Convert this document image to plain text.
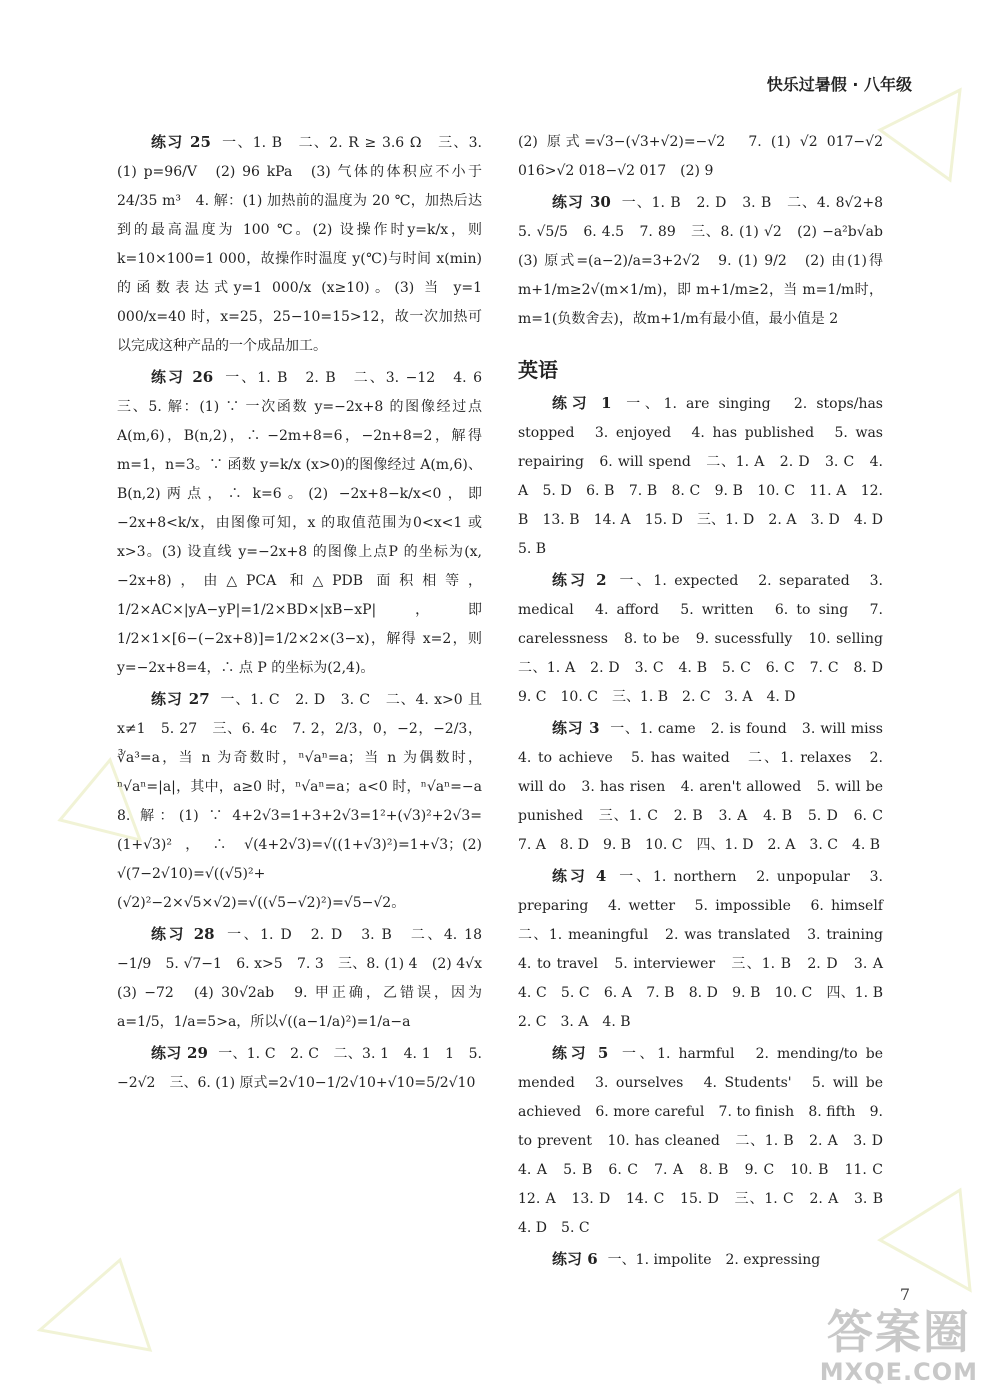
快乐过暑假 · 八年级

练习 25 一、1. B　二、2. R ≥ 3.6 Ω　三、3. (1) p=96/V　(2) 96 kPa　(3) 气体的体积应不小于24/35 m³　4. 解：(1) 加热前的温度为 20 ℃，加热后达到的最高温度为 100 ℃。(2) 设操作时y=k/x，则 k=10×100=1 000，故操作时温度 y(℃)与时间 x(min)的函数表达式y=1 000/x (x≥10)。(3) 当 y=1 000/x=40 时，x=25，25−10=15>12，故一次加热可以完成这种产品的一个成品加工。

练习 26 一、1. B　2. B　二、3. −12　4. 6　三、5. 解：(1) ∵ 一次函数 y=−2x+8 的图像经过点 A(m,6)，B(n,2)，∴ −2m+8=6，−2n+8=2，解得 m=1，n=3。∵ 函数 y=k/x (x>0)的图像经过 A(m,6)、B(n,2)两点，∴ k=6。(2) −2x+8−k/x<0，即−2x+8<k/x，由图像可知，x 的取值范围为0<x<1 或 x>3。(3) 设直线 y=−2x+8 的图像上点P 的坐标为(x,−2x+8)，由△PCA 和△PDB 面积相等，1/2×AC×|yA−yP|=1/2×BD×|xB−xP|，即1/2×1×[6−(−2x+8)]=1/2×2×(3−x)，解得 x=2，则 y=−2x+8=4，∴ 点 P 的坐标为(2,4)。

练习 27 一、1. C　2. D　3. C　二、4. x>0 且x≠1　5. 27　三、6. 4c　7. 2，2/3，0，−2，−2/3，∛a³=a，当 n 为奇数时，ⁿ√aⁿ=a；当 n 为偶数时，ⁿ√aⁿ=|a|，其中，a≥0 时，ⁿ√aⁿ=a；a<0 时，ⁿ√aⁿ=−a　8. 解：(1) ∵ 4+2√3=1+3+2√3=1²+(√3)²+2√3=(1+√3)²，∴ √(4+2√3)=√((1+√3)²)=1+√3；(2) √(7−2√10)=√((√5)²+(√2)²−2×√5×√2)=√((√5−√2)²)=√5−√2。

练习 28 一、1. D　2. D　3. B　二、4. 18　−1/9　5. √7−1　6. x>5　7. 3　三、8. (1) 4　(2) 4√x　(3) −72　(4) 30√2ab　9. 甲正确，乙错误，因为a=1/5，1/a=5>a，所以√((a−1/a)²)=1/a−a

练习 29 一、1. C　2. C　二、3. 1　4. 1　1　5. −2√2　三、6. (1) 原式=2√10−1/2√10+√10=5/2√10

(2) 原式=√3−(√3+√2)=−√2　7. (1) √2 017−√2 016>√2 018−√2 017　(2) 9

练习 30 一、1. B　2. D　3. B　二、4. 8√2+8　5. √5/5　6. 4.5　7. 89　三、8. (1) √2　(2) −a²b√ab　(3) 原式=(a−2)/a=3+2√2　9. (1) 9/2　(2) 由(1)得 m+1/m≥2√(m×1/m)，即 m+1/m≥2，当 m=1/m时，m=1(负数舍去)，故m+1/m有最小值，最小值是 2

英语

练习 1 一、1. are singing　2. stops/has stopped　3. enjoyed　4. has published　5. was repairing　6. will spend　二、1. A　2. D　3. C　4. A　5. D　6. B　7. B　8. C　9. B　10. C　11. A　12. B　13. B　14. A　15. D　三、1. D　2. A　3. D　4. D　5. B

练习 2 一、1. expected　2. separated　3. medical　4. afford　5. written　6. to sing　7. carelessness　8. to be　9. sucessfully　10. selling　二、1. A　2. D　3. C　4. B　5. C　6. C　7. C　8. D　9. C　10. C　三、1. B　2. C　3. A　4. D

练习 3 一、1. came　2. is found　3. will miss　4. to achieve　5. has waited　二、1. relaxes　2. will do　3. has risen　4. aren't allowed　5. will be punished　三、1. C　2. B　3. A　4. B　5. D　6. C　7. A　8. D　9. B　10. C　四、1. D　2. A　3. C　4. B

练习 4 一、1. northern　2. unpopular　3. preparing　4. wetter　5. impossible　6. himself　二、1. meaningful　2. was translated　3. training　4. to travel　5. interviewer　三、1. B　2. D　3. A　4. C　5. C　6. A　7. B　8. D　9. B　10. C　四、1. B　2. C　3. A　4. B

练习 5 一、1. harmful　2. mending/to be mended　3. ourselves　4. Students'　5. will be achieved　6. more careful　7. to finish　8. fifth　9. to prevent　10. has cleaned　二、1. B　2. A　3. D　4. A　5. B　6. C　7. A　8. B　9. C　10. B　11. C　12. A　13. D　14. C　15. D　三、1. C　2. A　3. B　4. D　5. C

练习 6 一、1. impolite　2. expressing

7
答案圈
MXQE.COM
